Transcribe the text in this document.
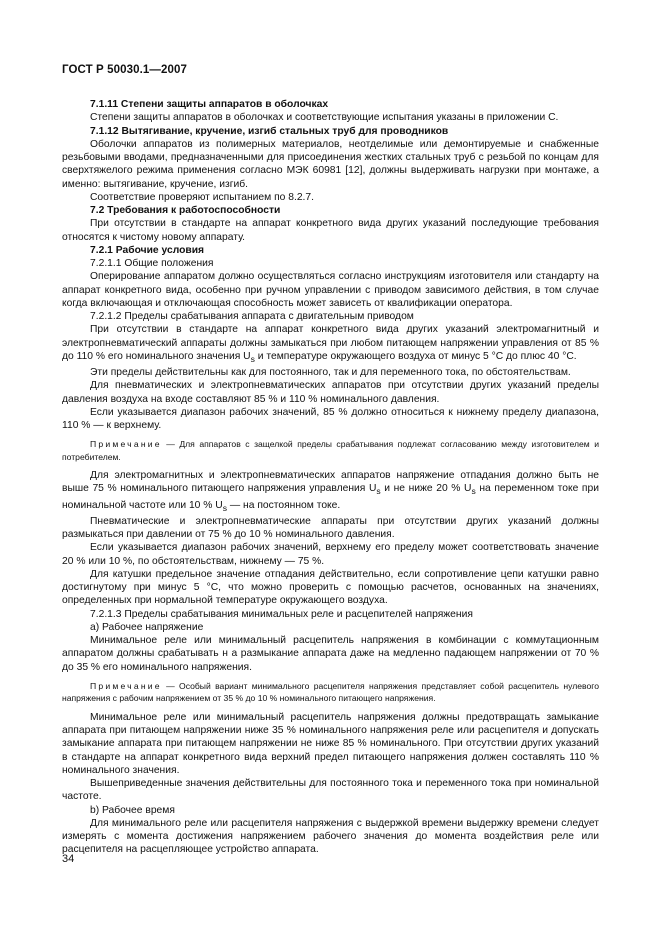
ГОСТ Р 50030.1—2007

7.1.11 Степени защиты аппаратов в оболочках

Степени защиты аппаратов в оболочках и соответствующие испытания указаны в приложении С.

7.1.12 Вытягивание, кручение, изгиб стальных труб для проводников

Оболочки аппаратов из полимерных материалов, неотделимые или демонтируемые и снабженные резьбовыми вводами, предназначенными для присоединения жестких стальных труб с резьбой по концам для сверхтяжелого режима применения согласно МЭК 60981 [12], должны выдерживать нагрузки при монтаже, а именно: вытягивание, кручение, изгиб.

Соответствие проверяют испытанием по 8.2.7.

7.2 Требования к работоспособности

При отсутствии в стандарте на аппарат конкретного вида других указаний последующие требования относятся к чистому новому аппарату.

7.2.1 Рабочие условия

7.2.1.1 Общие положения

Оперирование аппаратом должно осуществляться согласно инструкциям изготовителя или стандарту на аппарат конкретного вида, особенно при ручном управлении с приводом зависимого действия, в том случае когда включающая и отключающая способность может зависеть от квалификации оператора.

7.2.1.2 Пределы срабатывания аппарата с двигательным приводом

При отсутствии в стандарте на аппарат конкретного вида других указаний электромагнитный и электропневматический аппараты должны замыкаться при любом питающем напряжении управления от 85 % до 110 % его номинального значения $U_s$ и температуре окружающего воздуха от минус 5 °С до плюс 40 °С.

Эти пределы действительны как для постоянного, так и для переменного тока, по обстоятельствам.

Для пневматических и электропневматических аппаратов при отсутствии других указаний пределы давления воздуха на входе составляют 85 % и 110 % номинального давления.

Если указывается диапазон рабочих значений, 85 % должно относиться к нижнему пределу диапазона, 110 % — к верхнему.

Примечание — Для аппаратов с защелкой пределы срабатывания подлежат согласованию между изготовителем и потребителем.

Для электромагнитных и электропневматических аппаратов напряжение отпадания должно быть не выше 75 % номинального питающего напряжения управления $U_s$ и не ниже 20 % $U_s$ на переменном токе при номинальной частоте или 10 % $U_s$ — на постоянном токе.

Пневматические и электропневматические аппараты при отсутствии других указаний должны размыкаться при давлении от 75 % до 10 % номинального давления.

Если указывается диапазон рабочих значений, верхнему его пределу может соответствовать значение 20 % или 10 %, по обстоятельствам, нижнему — 75 %.

Для катушки предельное значение отпадания действительно, если сопротивление цепи катушки равно достигнутому при минус 5 °С, что можно проверить с помощью расчетов, основанных на значениях, определенных при нормальной температуре окружающего воздуха.

7.2.1.3 Пределы срабатывания минимальных реле и расцепителей напряжения

а) Рабочее напряжение

Минимальное реле или минимальный расцепитель напряжения в комбинации с коммутационным аппаратом должны срабатывать н а размыкание аппарата даже на медленно падающем напряжении от 70 % до 35 % его номинального напряжения.

Примечание — Особый вариант минимального расцепителя напряжения представляет собой расцепитель нулевого напряжения с рабочим напряжением от 35 % до 10 % номинального питающего напряжения.

Минимальное реле или минимальный расцепитель напряжения должны предотвращать замыкание аппарата при питающем напряжении ниже 35 % номинального напряжения реле или расцепителя и допускать замыкание аппарата при питающем напряжении не ниже 85 % номинального. При отсутствии других указаний в стандарте на аппарат конкретного вида верхний предел питающего напряжения должен составлять 110 % номинального значения.

Вышеприведенные значения действительны для постоянного тока и переменного тока при номинальной частоте.

b) Рабочее время

Для минимального реле или расцепителя напряжения с выдержкой времени выдержку времени следует измерять с момента достижения напряжением рабочего значения до момента воздействия реле или расцепителя на расцепляющее устройство аппарата.

34
